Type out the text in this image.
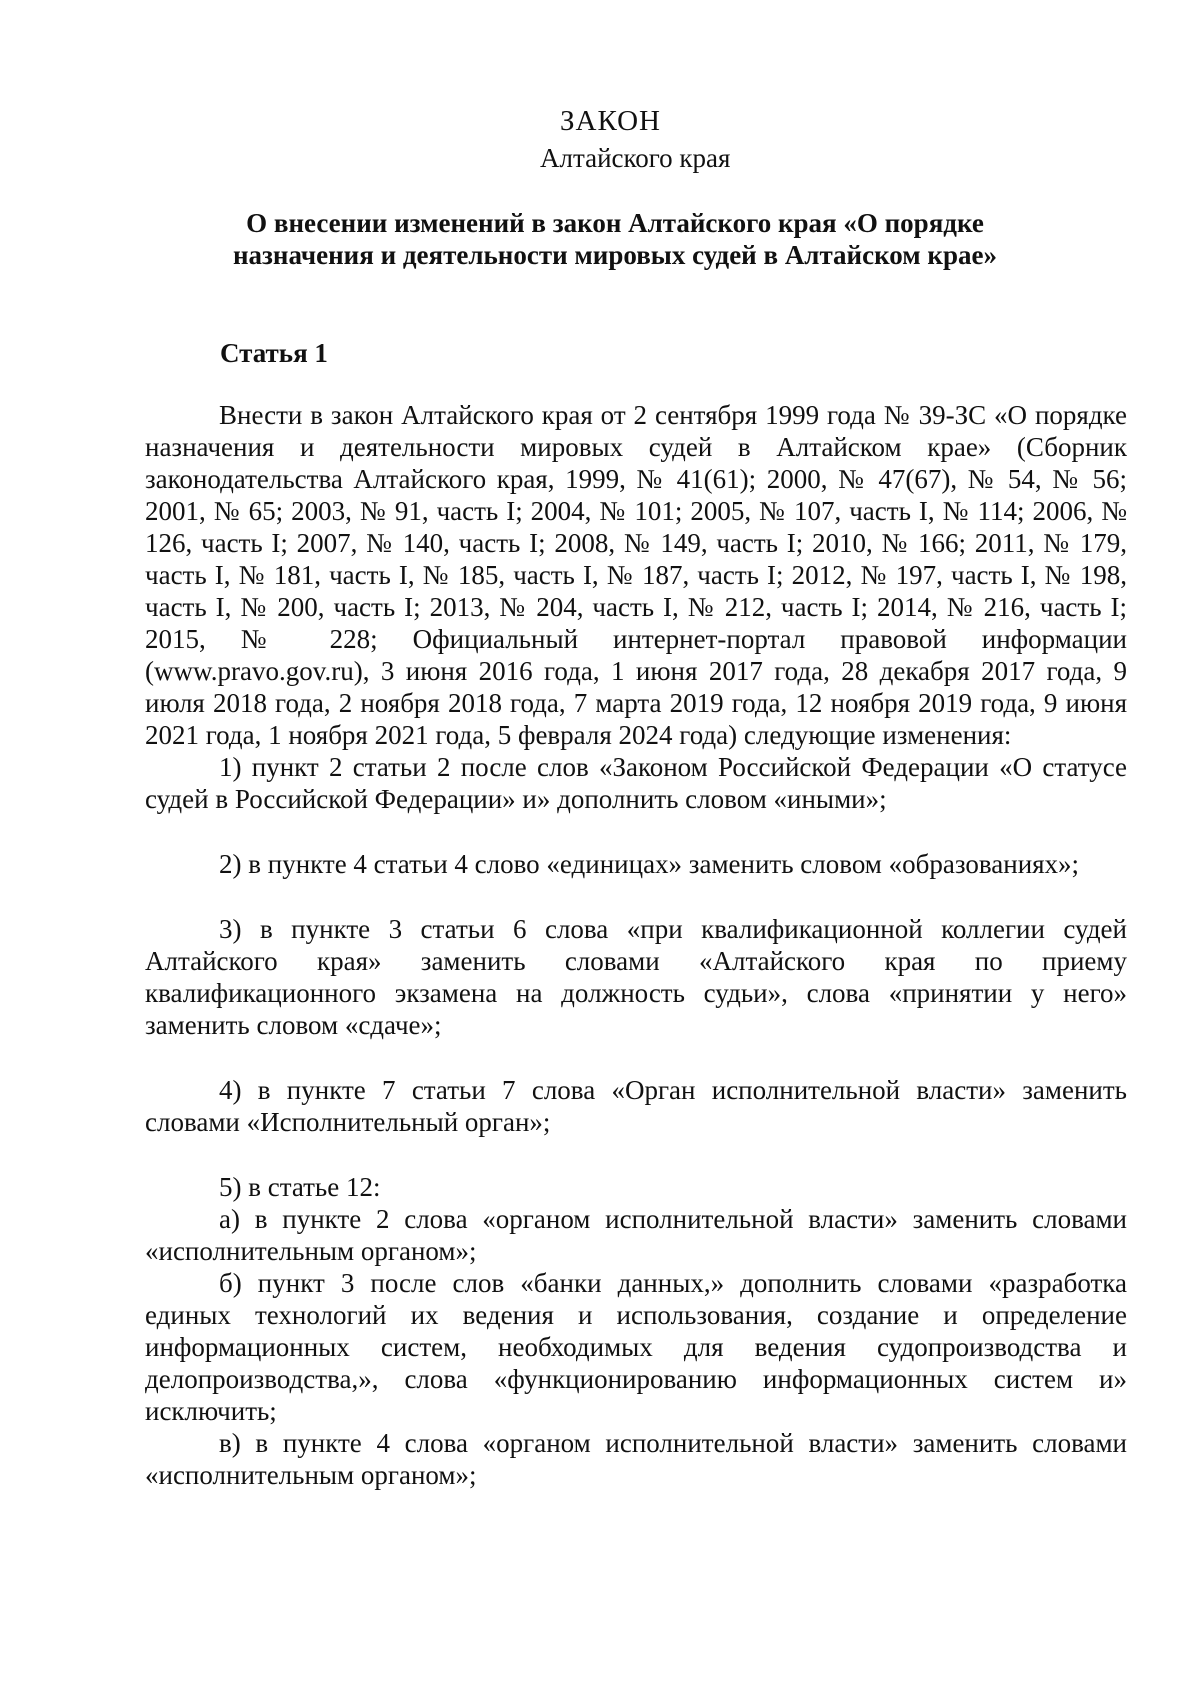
ЗАКОН
Алтайского края
О внесении изменений в закон Алтайского края «О порядке
назначения и деятельности мировых судей в Алтайском крае»
Статья 1

Внести в закон Алтайского края от 2 сентября 1999 года № 39-ЗС «О порядке назначения и деятельности мировых судей в Алтайском крае» (Сборник законодательства Алтайского края, 1999, № 41(61); 2000, № 47(67), № 54, № 56; 2001, № 65; 2003, № 91, часть I; 2004, № 101; 2005, № 107, часть I, № 114; 2006, № 126, часть I; 2007, № 140, часть I; 2008, № 149, часть I; 2010, № 166; 2011, № 179, часть I, № 181, часть I, № 185, часть I, № 187, часть I; 2012, № 197, часть I, № 198, часть I, № 200, часть I; 2013, № 204, часть I, № 212, часть I; 2014, № 216, часть I; 2015, № 228; Официальный интернет-портал правовой информации (www.pravo.gov.ru), 3 июня 2016 года, 1 июня 2017 года, 28 декабря 2017 года, 9 июля 2018 года, 2 ноября 2018 года, 7 марта 2019 года, 12 ноября 2019 года, 9 июня 2021 года, 1 ноября 2021 года, 5 февраля 2024 года) следующие изменения:

1) пункт 2 статьи 2 после слов «Законом Российской Федерации «О статусе судей в Российской Федерации» и» дополнить словом «иными»;

2) в пункте 4 статьи 4 слово «единицах» заменить словом «образованиях»;

3) в пункте 3 статьи 6 слова «при квалификационной коллегии судей Алтайского края» заменить словами «Алтайского края по приему квалификационного экзамена на должность судьи», слова «принятии у него» заменить словом «сдаче»;

4) в пункте 7 статьи 7 слова «Орган исполнительной власти» заменить словами «Исполнительный орган»;

5) в статье 12:

а) в пункте 2 слова «органом исполнительной власти» заменить словами «исполнительным органом»;

б) пункт 3 после слов «банки данных,» дополнить словами «разработка единых технологий их ведения и использования, создание и определение информационных систем, необходимых для ведения судопроизводства и делопроизводства,», слова «функционированию информационных систем и» исключить;

в) в пункте 4 слова «органом исполнительной власти» заменить словами «исполнительным органом»;
